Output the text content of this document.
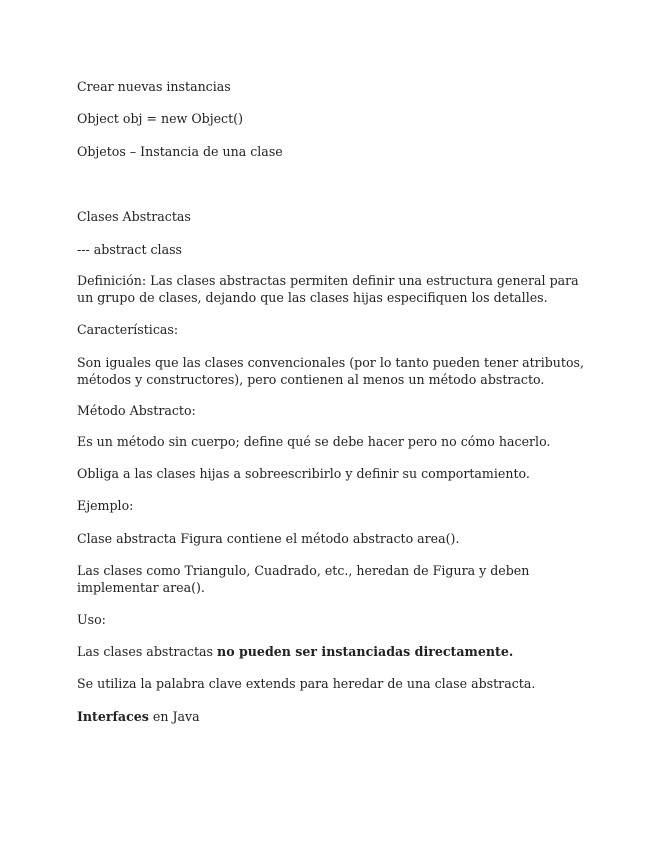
Crear nuevas instancias

Object obj = new Object()

Objetos – Instancia de una clase

Clases Abstractas

--- abstract class

Definición: Las clases abstractas permiten definir una estructura general para un grupo de clases, dejando que las clases hijas especifiquen los detalles.

Características:

Son iguales que las clases convencionales (por lo tanto pueden tener atributos, métodos y constructores), pero contienen al menos un método abstracto.

Método Abstracto:

Es un método sin cuerpo; define qué se debe hacer pero no cómo hacerlo.

Obliga a las clases hijas a sobreescribirlo y definir su comportamiento.

Ejemplo:

Clase abstracta Figura contiene el método abstracto area().

Las clases como Triangulo, Cuadrado, etc., heredan de Figura y deben implementar area().

Uso:

Las clases abstractas no pueden ser instanciadas directamente.

Se utiliza la palabra clave extends para heredar de una clase abstracta.

Interfaces en Java
